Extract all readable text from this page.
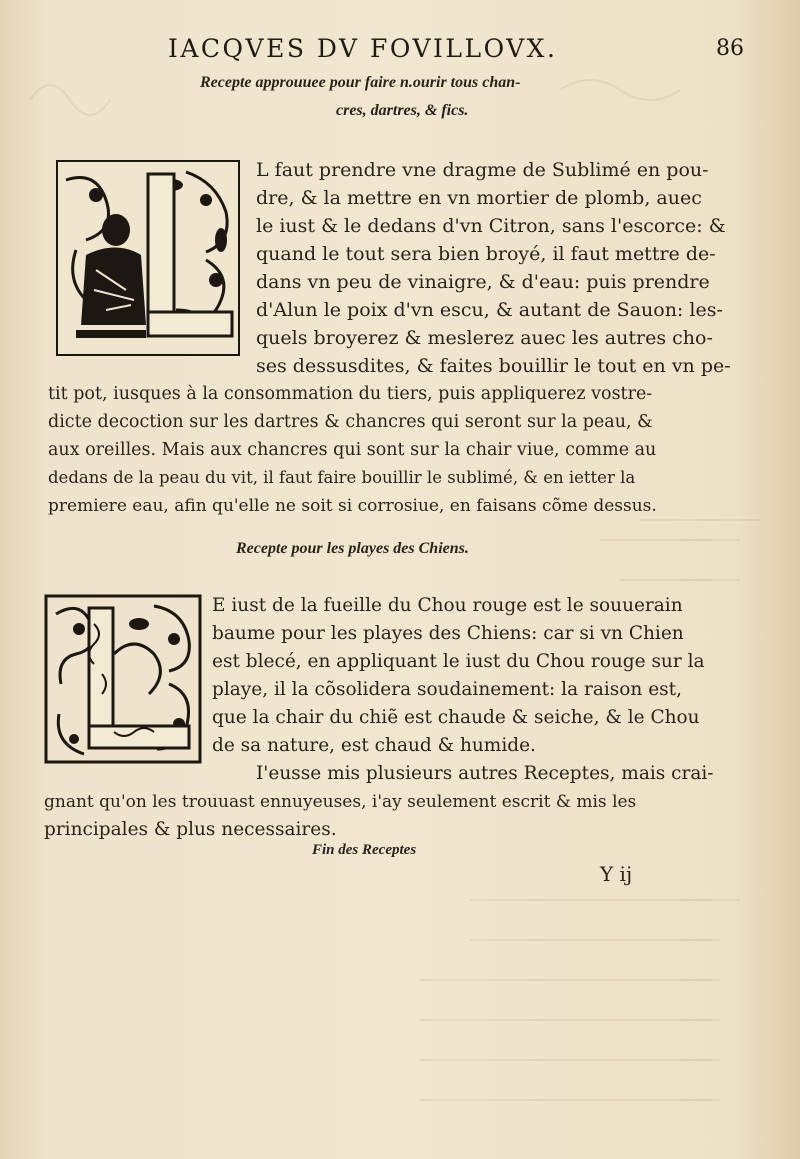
IACQVES DV FOVILLOVX.	86
Recepte approuuee pour faire n.ourir tous chan-
cres, dartres, & fics.
L faut prendre vne dragme de Sublimé en pou-
dre, & la mettre en vn mortier de plomb, auec
le iust & le dedans d'vn Citron, sans l'escorce: &
quand le tout sera bien broyé, il faut mettre de-
dans vn peu de vinaigre, & d'eau: puis prendre
d'Alun le poix d'vn escu, & autant de Sauon: les-
quels broyerez & meslerez auec les autres cho-
ses dessusdites, & faites bouillir le tout en vn pe-
tit pot, iusques à la consommation du tiers, puis appliquerez vostre-
dicte decoction sur les dartres & chancres qui seront sur la peau, &
aux oreilles. Mais aux chancres qui sont sur la chair viue, comme au
dedans de la peau du vit, il faut faire bouillir le sublimé, & en ietter la
premiere eau, afin qu'elle ne soit si corrosiue, en faisans cõme dessus.
Recepte pour les playes des Chiens.
E iust de la fueille du Chou rouge est le souuerain
baume pour les playes des Chiens: car si vn Chien
est blecé, en appliquant le iust du Chou rouge sur la
playe, il la cõsolidera soudainement: la raison est,
que la chair du chiẽ est chaude & seiche, & le Chou
de sa nature, est chaud & humide.
I'eusse mis plusieurs autres Receptes, mais crai-
gnant qu'on les trouuast ennuyeuses, i'ay seulement escrit & mis les
principales & plus necessaires.
Fin des Receptes
Y ij
